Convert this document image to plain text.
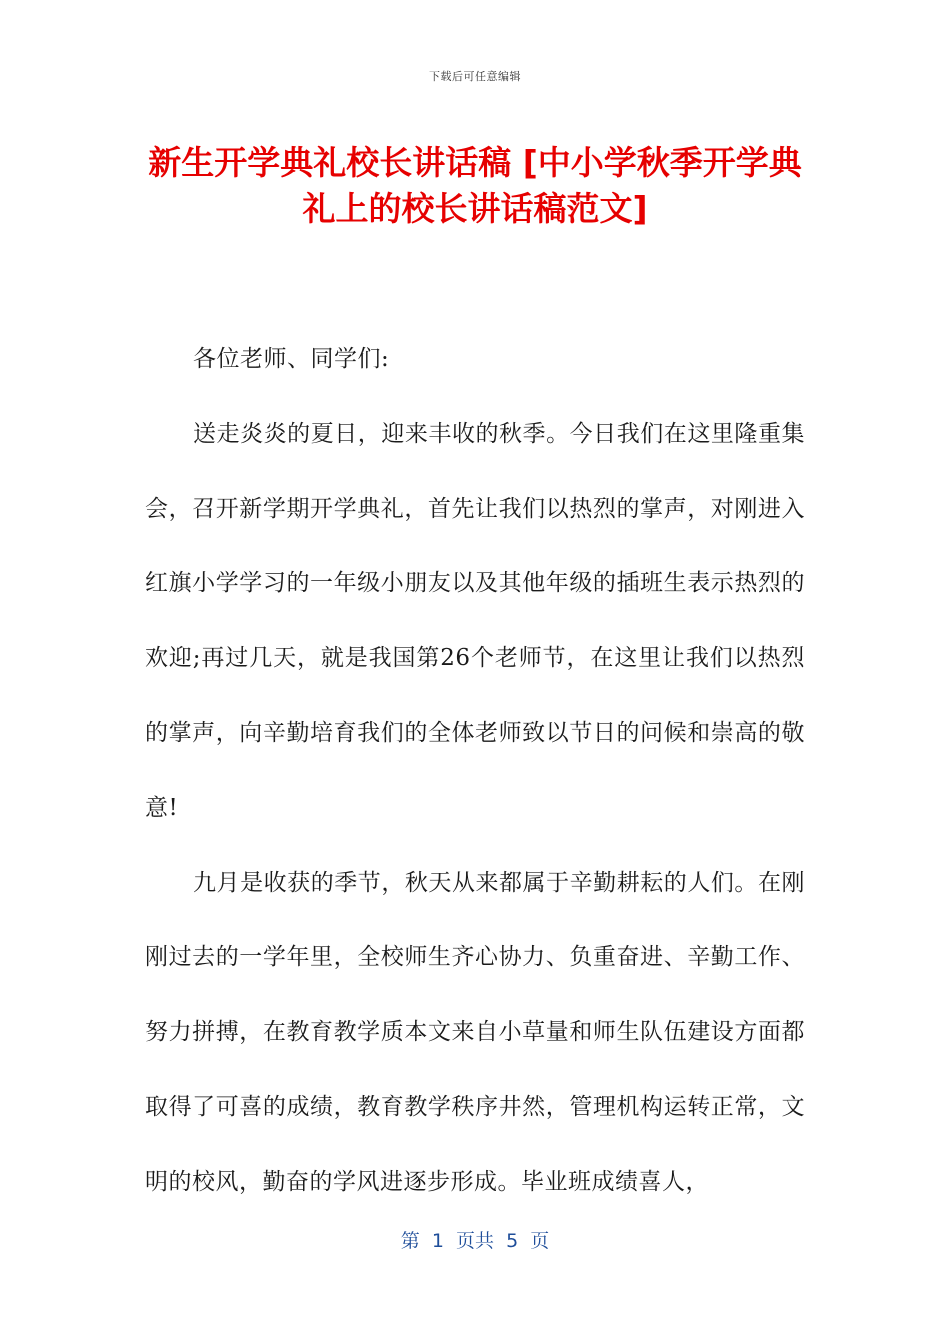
下载后可任意编辑
新生开学典礼校长讲话稿 [中小学秋季开学典礼上的校长讲话稿范文]

各位老师、同学们:

送走炎炎的夏日，迎来丰收的秋季。今日我们在这里隆重集会，召开新学期开学典礼，首先让我们以热烈的掌声，对刚进入红旗小学学习的一年级小朋友以及其他年级的插班生表示热烈的欢迎;再过几天，就是我国第26个老师节，在这里让我们以热烈的掌声，向辛勤培育我们的全体老师致以节日的问候和崇高的敬意!

九月是收获的季节，秋天从来都属于辛勤耕耘的人们。在刚刚过去的一学年里，全校师生齐心协力、负重奋进、辛勤工作、努力拼搏，在教育教学质本文来自小草量和师生队伍建设方面都取得了可喜的成绩，教育教学秩序井然，管理机构运转正常，文明的校风，勤奋的学风进逐步形成。毕业班成绩喜人，

第  1  页共  5  页
